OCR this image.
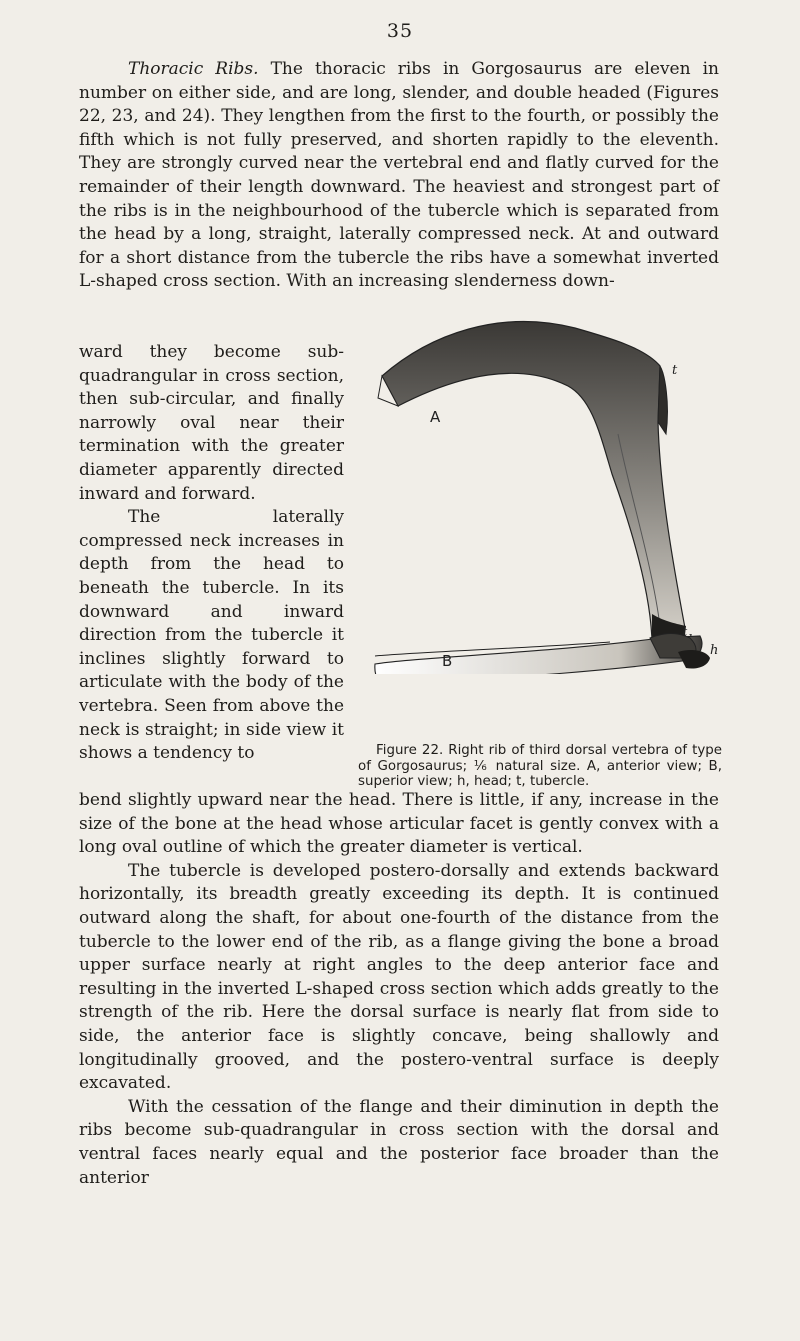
35

Thoracic Ribs. The thoracic ribs in Gorgosaurus are eleven in number on either side, and are long, slender, and double headed (Figures 22, 23, and 24). They lengthen from the first to the fourth, or possibly the fifth which is not fully preserved, and shorten rapidly to the eleventh. They are strongly curved near the vertebral end and flatly curved for the remainder of their length downward. The heaviest and strongest part of the ribs is in the neighbourhood of the tubercle which is separated from the head by a long, straight, laterally compressed neck. At and outward for a short distance from the tubercle the ribs have a somewhat inverted L-shaped cross section. With an increasing slenderness down-

ward they become sub-quadrangular in cross section, then sub-circular, and finally narrowly oval near their termination with the greater diameter apparently directed inward and forward.

The laterally compressed neck increases in depth from the head to beneath the tubercle. In its downward and inward direction from the tubercle it inclines slightly forward to articulate with the body of the vertebra. Seen from above the neck is straight; in side view it shows a tendency to

A
t
B
t
h
Figure 22. Right rib of third dorsal vertebra of type of Gorgosaurus; ⅙ natural size. A, anterior view; B, superior view; h, head; t, tubercle.

bend slightly upward near the head. There is little, if any, increase in the size of the bone at the head whose articular facet is gently convex with a long oval outline of which the greater diameter is vertical.

The tubercle is developed postero-dorsally and extends backward horizontally, its breadth greatly exceeding its depth. It is continued outward along the shaft, for about one-fourth of the distance from the tubercle to the lower end of the rib, as a flange giving the bone a broad upper surface nearly at right angles to the deep anterior face and resulting in the inverted L-shaped cross section which adds greatly to the strength of the rib. Here the dorsal surface is nearly flat from side to side, the anterior face is slightly concave, being shallowly and longitudinally grooved, and the postero-ventral surface is deeply excavated.

With the cessation of the flange and their diminution in depth the ribs become sub-quadrangular in cross section with the dorsal and ventral faces nearly equal and the posterior face broader than the anterior
